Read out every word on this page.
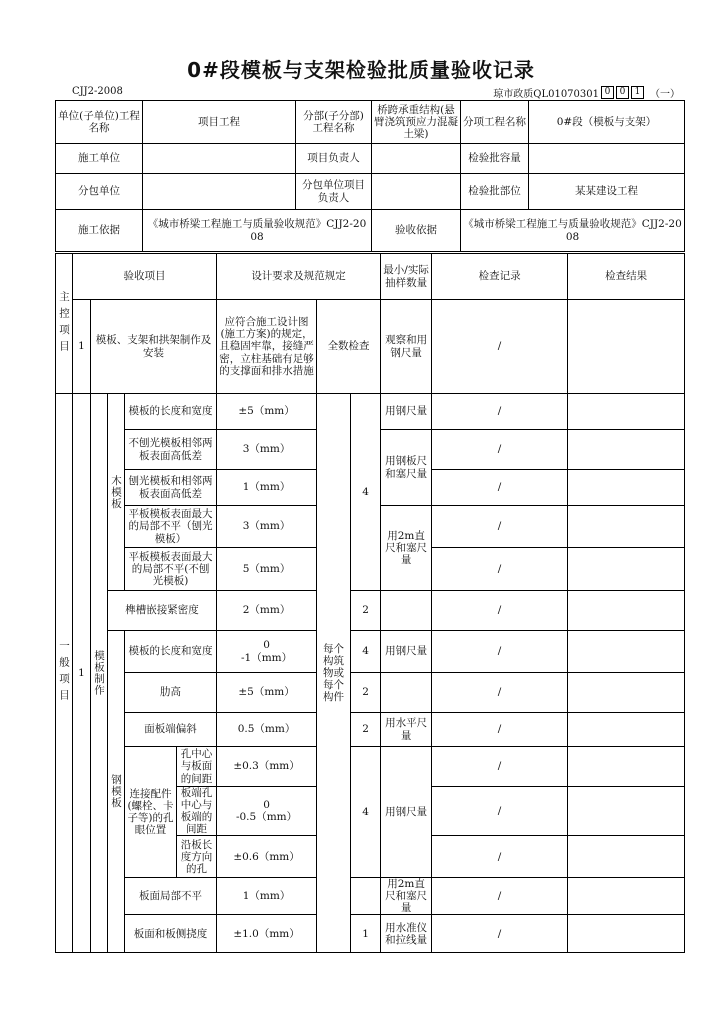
0#段模板与支架检验批质量验收记录
CJJ2-2008	琼市政质QL01070301 0	0	1 （一）
单位(子单位)工程名称	项目工程	分部(子分部)工程名称	桥跨承重结构(悬臂浇筑预应力混凝土梁)	分项工程名称	0#段（模板与支架）
施工单位		项目负责人		检验批容量	
分包单位		分包单位项目负责人		检验批部位	某某建设工程
施工依据	《城市桥梁工程施工与质量验收规范》CJJ2-2008		验收依据	《城市桥梁工程施工与质量验收规范》CJJ2-2008	
主控项目	验收项目					设计要求及规范规定			最小/实际抽样数量	检查记录	检查结果	
	1	模板、支架和拱架制作及安装				应符合施工设计图(施工方案)的规定，且稳固牢靠，接缝严密，立柱基础有足够的支撑面和排水措施	全数检查		观察和用钢尺量	/		
一般项目	1	模板制作	木模板	模板的长度和宽度		±5（mm）	每个构筑物或每个构件	4	用钢尺量	/		
				不刨光模板相邻两板表面高低差		3（mm）			用钢板尺和塞尺量	/		
				刨光模板和相邻两板表面高低差		1（mm）				/		
				平板模板表面最大的局部不平（刨光模板）		3（mm）			用2m直尺和塞尺量	/		
				平板模板表面最大的局部不平(不刨光模板)		5（mm）				/		
			榫槽嵌接紧密度			2（mm）		2		/		
			钢模板	模板的长度和宽度		0
-1（mm）		4	用钢尺量	/		
				肋高		±5（mm）		2		/		
				面板端偏斜		0.5（mm）		2	用水平尺量	/		
				连接配件(螺栓、卡子等)的孔眼位置	孔中心与板面的间距	±0.3（mm）		4	用钢尺量	/		
					板端孔中心与板端的间距	0
-0.5（mm）				/		
					沿板长度方向的孔	±0.6（mm）				/		
				板面局部不平		1（mm）			用2m直尺和塞尺量	/		
				板面和板侧挠度		±1.0（mm）		1	用水准仪和拉线量	/		
